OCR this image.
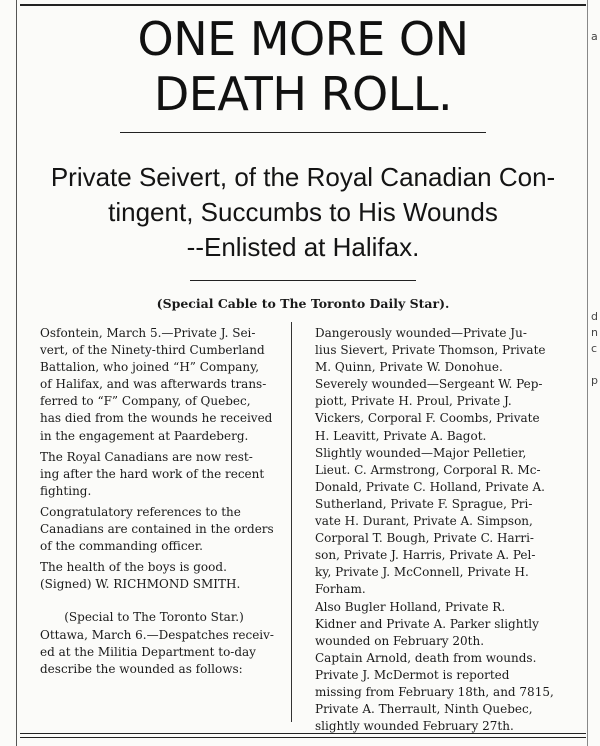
a
d
n
c
p
ONE MORE ON
DEATH ROLL.
Private Seivert, of the Royal Canadian Con-
tingent, Succumbs to His Wounds
--Enlisted at Halifax.
(Special Cable to The Toronto Daily Star).
Osfontein, March 5.—Private J. Sei-
vert, of the Ninety-third Cumberland
Battalion, who joined “H” Company,
of Halifax, and was afterwards trans-
ferred to “F” Company, of Quebec,
has died from the wounds he received
in the engagement at Paardeberg.
The Royal Canadians are now rest-
ing after the hard work of the recent
fighting.
Congratulatory references to the
Canadians are contained in the orders
of the commanding officer.
The health of the boys is good.
(Signed) W. RICHMOND SMITH.
(Special to The Toronto Star.)
Ottawa, March 6.—Despatches receiv-
ed at the Militia Department to-day
describe the wounded as follows:
Dangerously wounded—Private Ju-
lius Sievert, Private Thomson, Private
M. Quinn, Private W. Donohue.
Severely wounded—Sergeant W. Pep-
piott, Private H. Proul, Private J.
Vickers, Corporal F. Coombs, Private
H. Leavitt, Private A. Bagot.
Slightly wounded—Major Pelletier,
Lieut. C. Armstrong, Corporal R. Mc-
Donald, Private C. Holland, Private A.
Sutherland, Private F. Sprague, Pri-
vate H. Durant, Private A. Simpson,
Corporal T. Bough, Private C. Harri-
son, Private J. Harris, Private A. Pel-
ky, Private J. McConnell, Private H.
Forham.
Also Bugler Holland, Private R.
Kidner and Private A. Parker slightly
wounded on February 20th.
Captain Arnold, death from wounds.
Private J. McDermot is reported
missing from February 18th, and 7815,
Private A. Therrault, Ninth Quebec,
slightly wounded February 27th.
